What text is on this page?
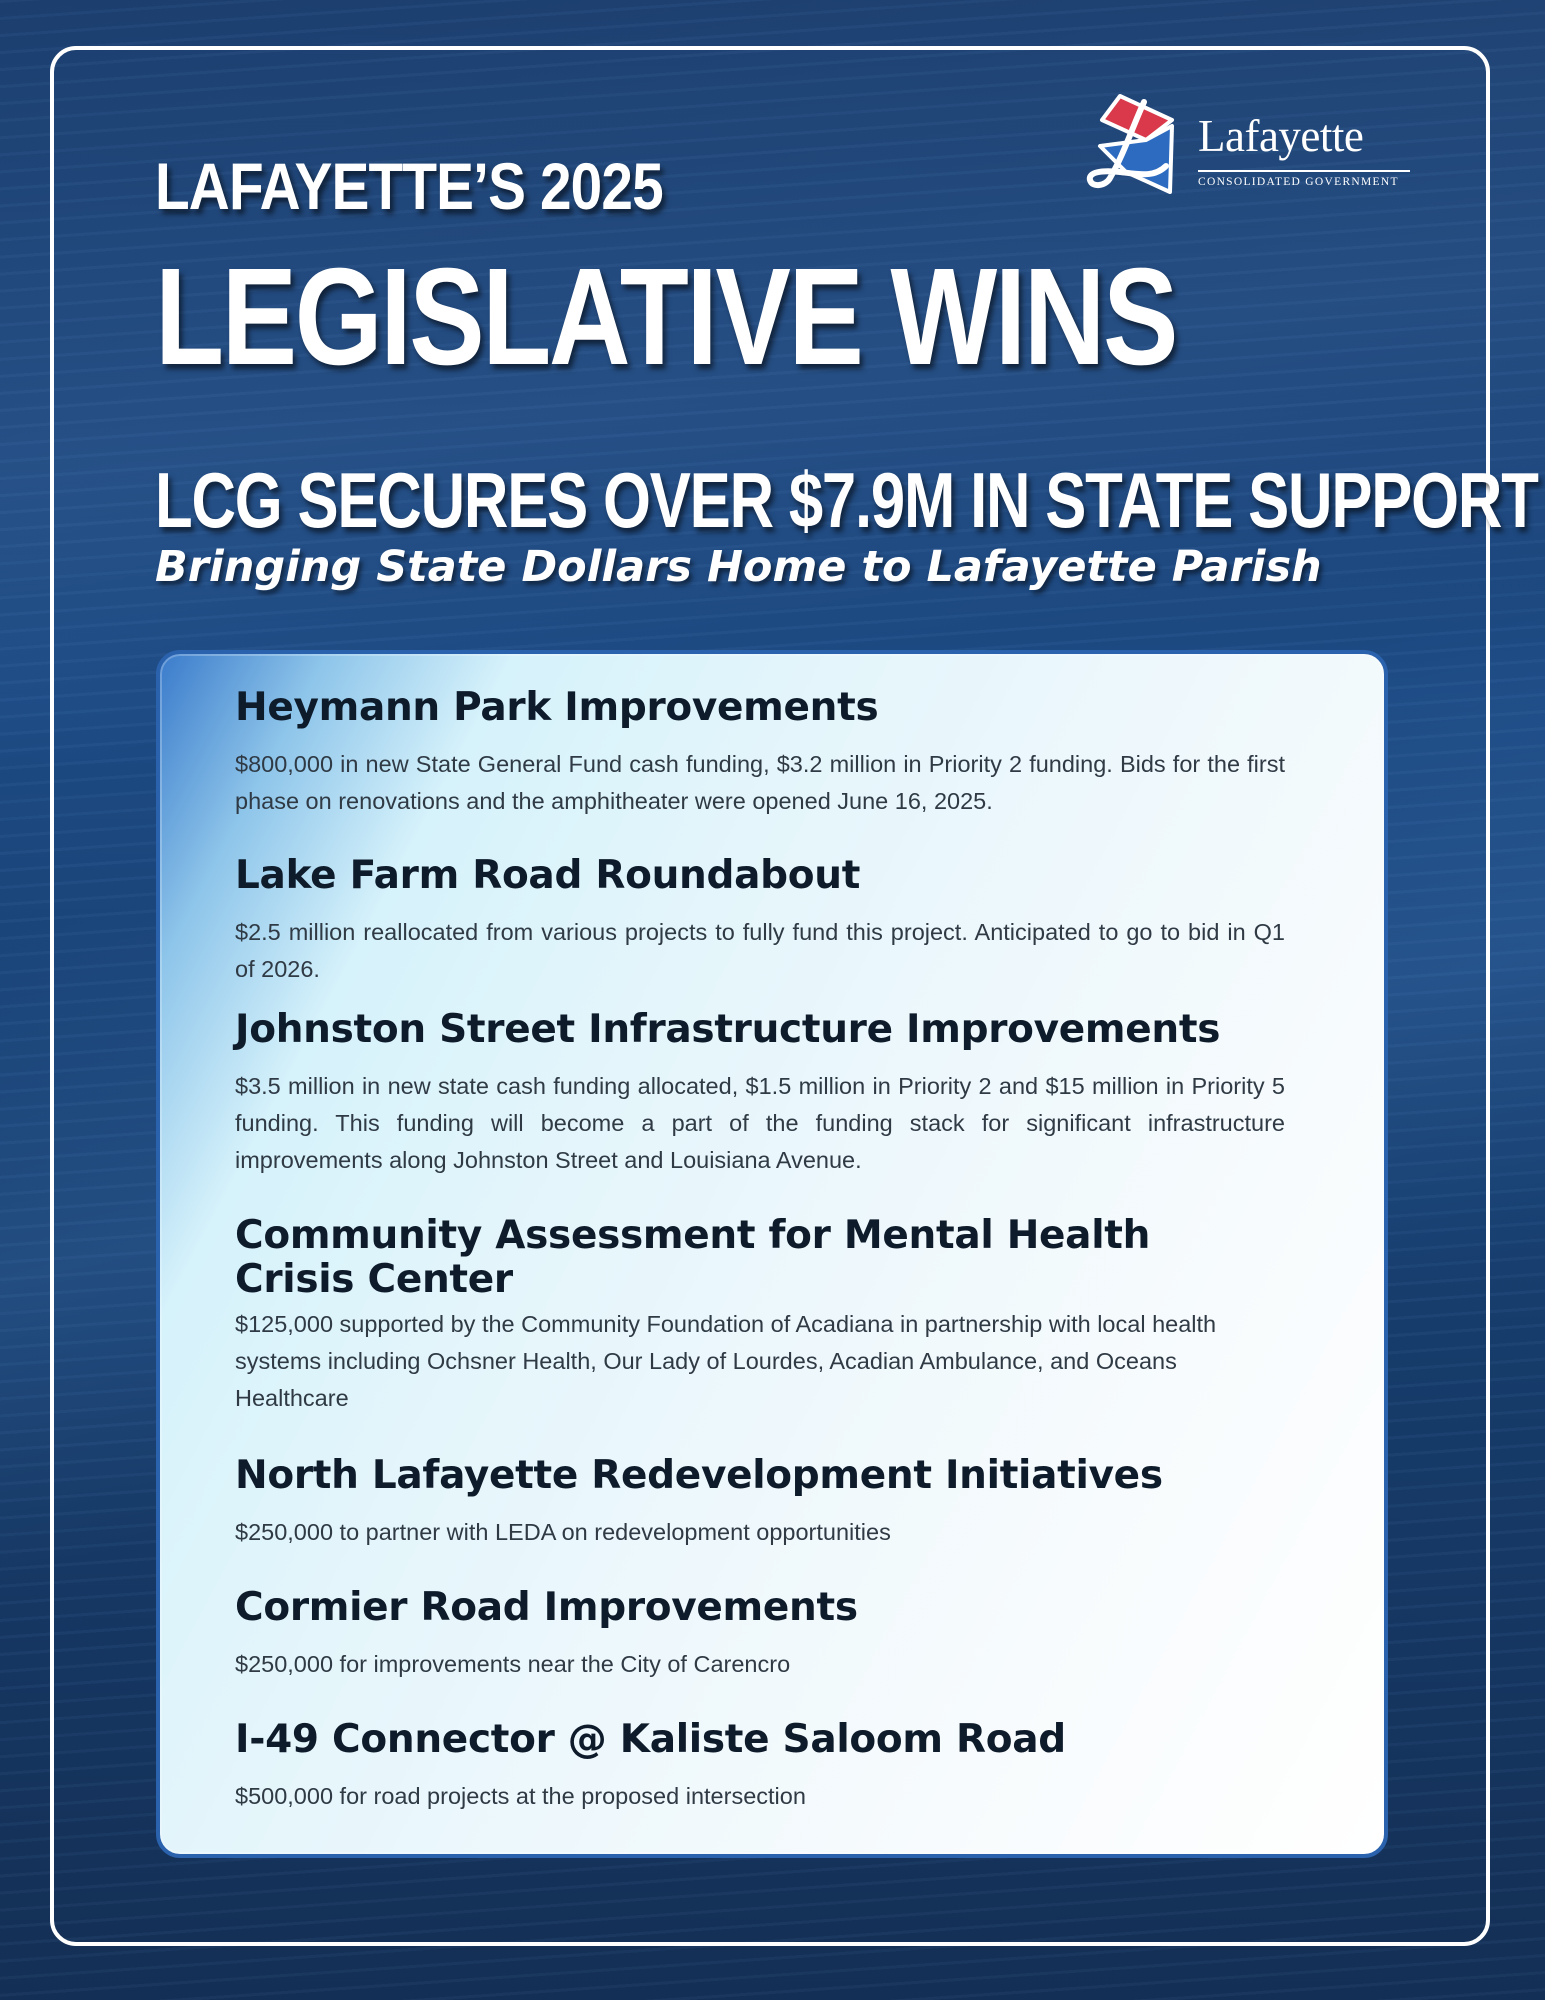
Lafayette
CONSOLIDATED GOVERNMENT
LAFAYETTE’S 2025
LEGISLATIVE WINS
LCG SECURES OVER $7.9M IN STATE SUPPORT
Bringing State Dollars Home to Lafayette Parish
Heymann Park Improvements
$800,000 in new State General Fund cash funding, $3.2 million in Priority 2 funding. Bids for the first phase on renovations and the amphitheater were opened June 16, 2025.
Lake Farm Road Roundabout
$2.5 million reallocated from various projects to fully fund this project. Anticipated to go to bid in Q1 of 2026.
Johnston Street Infrastructure Improvements
$3.5 million in new state cash funding allocated, $1.5 million in Priority 2 and $15 million in Priority 5 funding. This funding will become a part of the funding stack for significant infrastructure improvements along Johnston Street and Louisiana Avenue.
Community Assessment for Mental Health
Crisis Center
$125,000 supported by the Community Foundation of Acadiana in partnership with local health systems including Ochsner Health, Our Lady of Lourdes, Acadian Ambulance, and Oceans Healthcare
North Lafayette Redevelopment Initiatives
$250,000 to partner with LEDA on redevelopment opportunities
Cormier Road Improvements
$250,000 for improvements near the City of Carencro
I-49 Connector @ Kaliste Saloom Road
$500,000 for road projects at the proposed intersection
